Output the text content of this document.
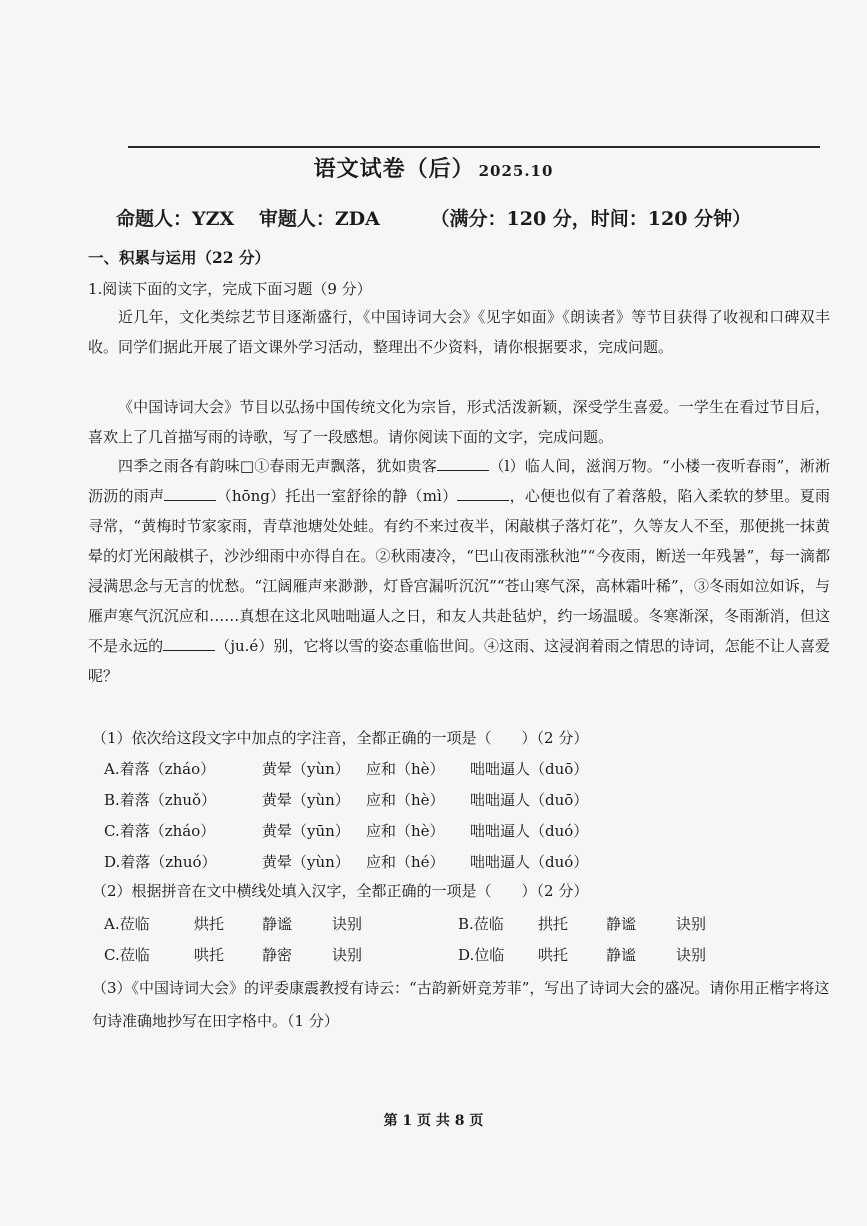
语文试卷（后） 2025.10
命题人：YZX 审题人：ZDA	（满分：120 分，时间：120 分钟）
一、积累与运用（22 分）
1.阅读下面的文字，完成下面习题（9 分）
近几年，文化类综艺节目逐渐盛行，《中国诗词大会》《见字如面》《朗读者》等节目获得了收视和口碑双丰收。同学们据此开展了语文课外学习活动，整理出不少资料，请你根据要求，完成问题。
《中国诗词大会》节目以弘扬中国传统文化为宗旨，形式活泼新颖，深受学生喜爱。一学生在看过节目后，喜欢上了几首描写雨的诗歌，写了一段感想。请你阅读下面的文字，完成问题。
四季之雨各有韵味□①春雨无声飘落，犹如贵客	（l）临人间，滋润万物。“小楼一夜听春雨”，淅淅沥沥的雨声	（hōng）托出一室舒徐的静（mì）	，心便也似有了着落般，陷入柔软的梦里。夏雨寻常，“黄梅时节家家雨，青草池塘处处蛙。有约不来过夜半，闲敲棋子落灯花”，久等友人不至，那便挑一抹黄晕的灯光闲敲棋子，沙沙细雨中亦得自在。②秋雨凄冷，“巴山夜雨涨秋池”“今夜雨，断送一年残暑”，每一滴都浸满思念与无言的忧愁。“江阔雁声来渺渺，灯昏宫漏听沉沉”“苍山寒气深，高林霜叶稀”，③冬雨如泣如诉，与雁声寒气沉沉应和……真想在这北风咄咄逼人之日，和友人共赴毡炉，约一场温暖。冬寒渐深，冬雨渐消，但这不是永远的	（ju.é）别，它将以雪的姿态重临世间。④这雨、这浸润着雨之情思的诗词，怎能不让人喜爱呢？
（1）依次给这段文字中加点的字注音，全都正确的一项是（　　）（2 分）
A.着落（zháo）	黄晕（yùn） 应和（hè） 咄咄逼人（duō）
B.着落（zhuǒ）	黄晕（yùn） 应和（hè） 咄咄逼人（duō）
C.着落（zháo）	黄晕（yūn） 应和（hè） 咄咄逼人（duó）
D.着落（zhuó）	黄晕（yùn） 应和（hé） 咄咄逼人（duó）
（2）根据拼音在文中横线处填入汉字，全都正确的一项是（　　）（2 分）
A.莅临	烘托	静谧	诀别	B.莅临 拱托	静谧	诀别
C.莅临	哄托	静密	诀别	D.位临 哄托	静谧	诀别
（3）《中国诗词大会》的评委康震教授有诗云：“古韵新妍竞芳菲”，写出了诗词大会的盛况。请你用正楷字将这句诗准确地抄写在田字格中。（1 分）
第 1 页 共 8 页
